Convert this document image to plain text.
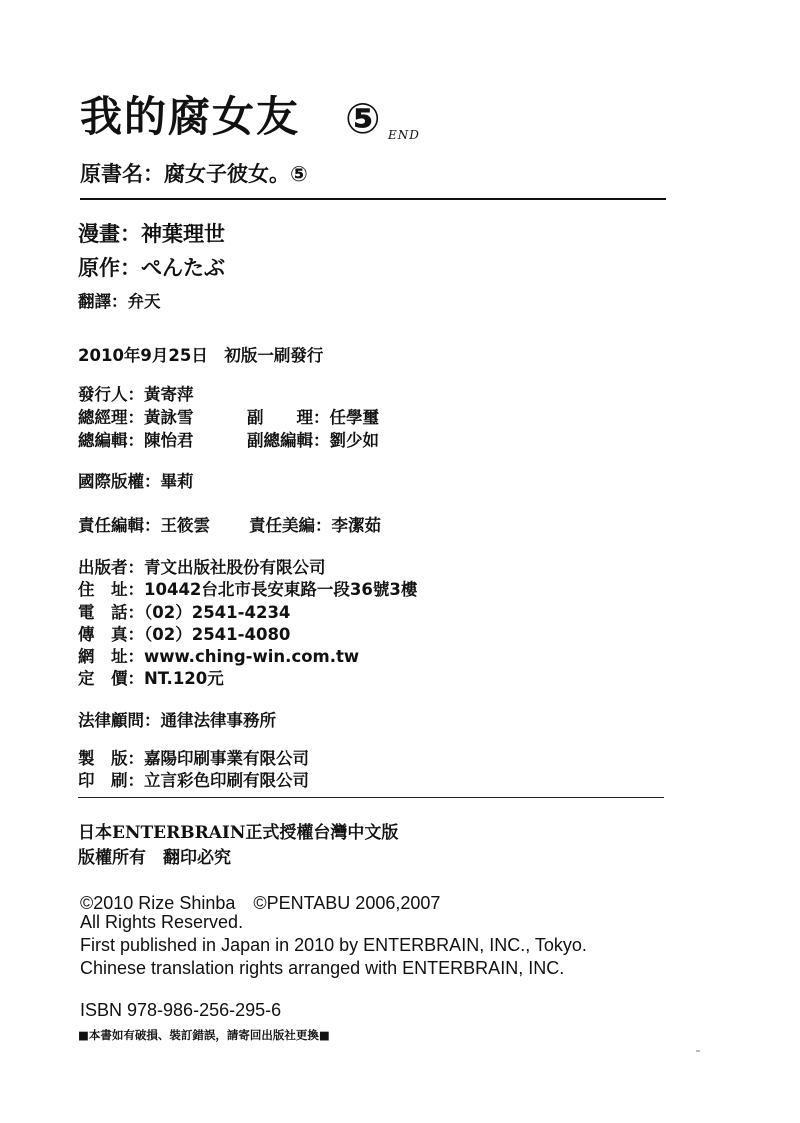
我的腐女友 ⑤ END
原書名：腐女子彼女。⑤
漫畫：神葉理世
原作：ぺんたぶ
翻譯：弁天
2010年9月25日　初版一刷發行
發行人：黃寄萍
總經理：黃詠雪	副　　理：任學璽
總編輯：陳怡君	副總編輯：劉少如
國際版權：畢莉
責任編輯：王筱雲 責任美編：李潔茹
出版者：青文出版社股份有限公司
住　址：10442台北市長安東路一段36號3樓
電　話：（02）2541-4234
傳　真：（02）2541-4080
網　址：www.ching-win.com.tw
定　價：NT.120元
法律顧問：通律法律事務所
製　版：嘉陽印刷事業有限公司
印　刷：立言彩色印刷有限公司
日本ENTERBRAIN正式授權台灣中文版
版權所有　翻印必究
©2010 Rize Shinba　©PENTABU 2006,2007
All Rights Reserved.
First published in Japan in 2010 by ENTERBRAIN, INC., Tokyo.
Chinese translation rights arranged with ENTERBRAIN, INC.
ISBN 978-986-256-295-6
■本書如有破損、裝訂錯誤，請寄回出版社更換■
